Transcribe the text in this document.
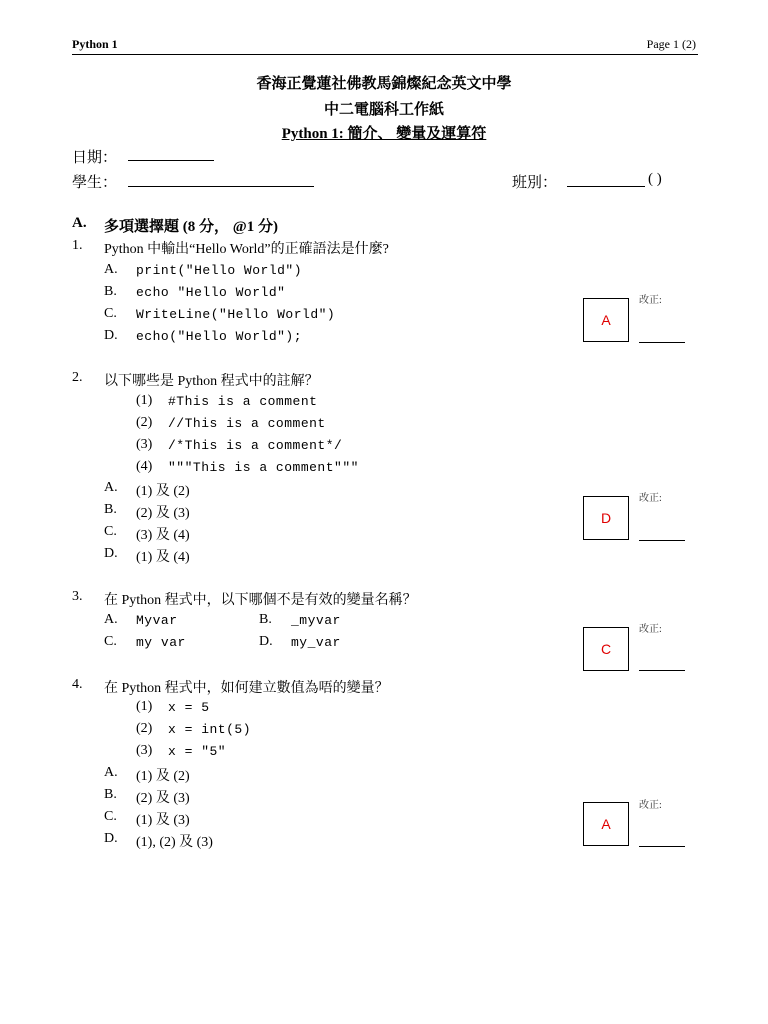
Python 1	Page 1 (2)
香海正覺蓮社佛教馬錦燦紀念英文中學
中二電腦科工作紙
Python 1: 簡介、 變量及運算符
日期：
學生：	班別：	( )
A. 多項選擇題 (8 分， @1 分)
1. Python 中輸出“Hello World”的正確語法是什麼?
A. print("Hello World")
B. echo "Hello World"
C. WriteLine("Hello World")
D. echo("Hello World");
A
改正:
2. 以下哪些是 Python 程式中的註解？
(1) #This is a comment
(2) //This is a comment
(3) /*This is a comment*/
(4) """This is a comment"""
A. (1) 及 (2)
B. (2) 及 (3)
C. (3) 及 (4)
D. (1) 及 (4)
D
改正:
3. 在 Python 程式中，以下哪個不是有效的變量名稱？
A. Myvar	B. _myvar
C. my var	D. my_var	C
改正:
4. 在 Python 程式中，如何建立數值為唔的變量？
(1) x = 5
(2) x = int(5)
(3) x = "5"
A. (1) 及 (2)
B. (2) 及 (3)
C. (1) 及 (3)
D. (1), (2) 及 (3)
A
改正:
